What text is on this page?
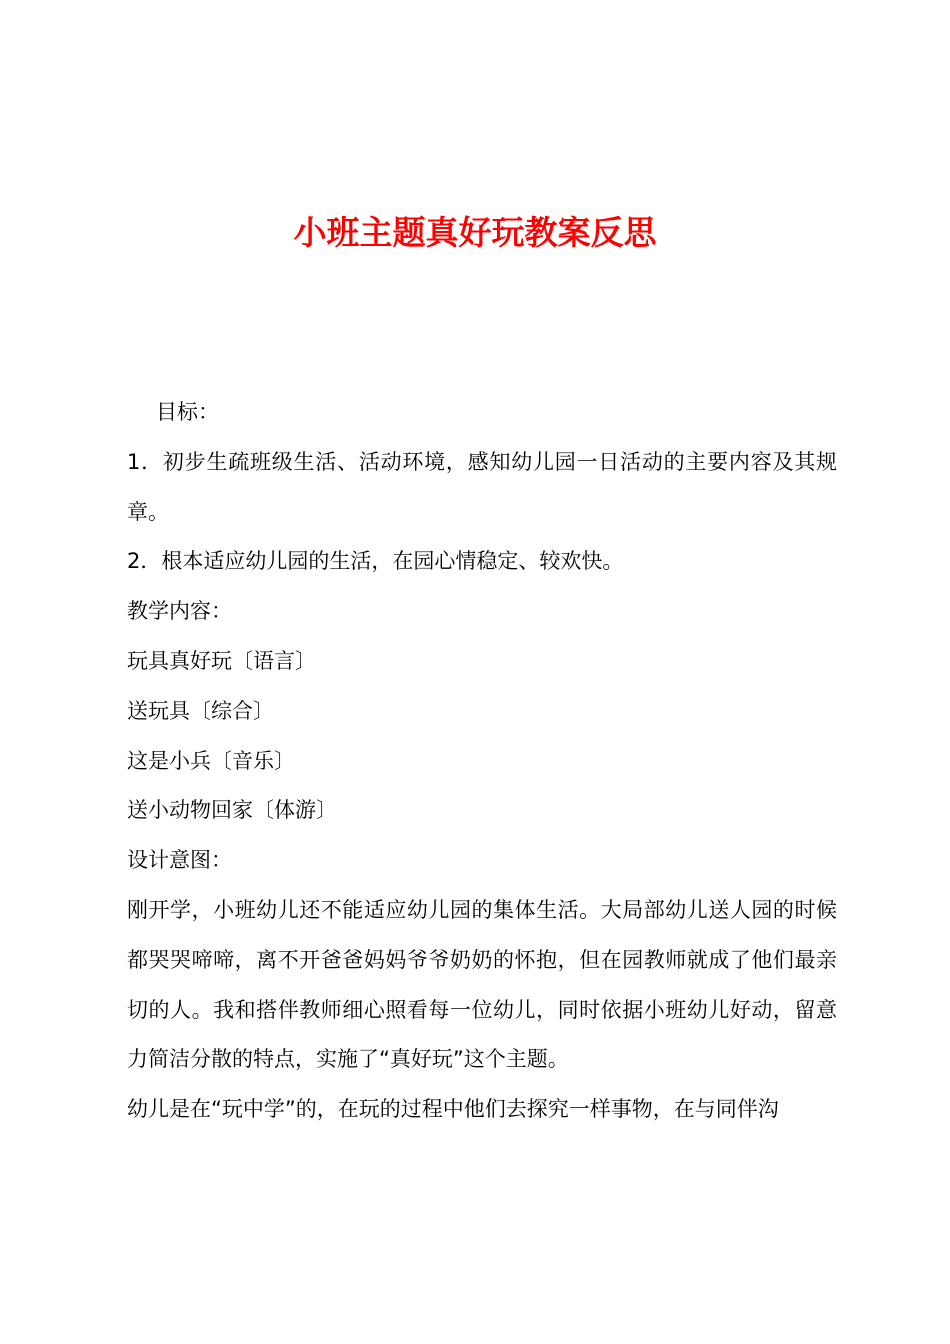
小班主题真好玩教案反思

目标：

1．初步生疏班级生活、活动环境，感知幼儿园一日活动的主要内容及其规章。

2．根本适应幼儿园的生活，在园心情稳定、较欢快。

教学内容：

玩具真好玩〔语言〕

送玩具〔综合〕

这是小兵〔音乐〕

送小动物回家〔体游〕

设计意图：

刚开学，小班幼儿还不能适应幼儿园的集体生活。大局部幼儿送人园的时候都哭哭啼啼，离不开爸爸妈妈爷爷奶奶的怀抱，但在园教师就成了他们最亲切的人。我和搭伴教师细心照看每一位幼儿，同时依据小班幼儿好动，留意力简洁分散的特点，实施了“真好玩”这个主题。

幼儿是在“玩中学”的，在玩的过程中他们去探究一样事物，在与同伴沟
